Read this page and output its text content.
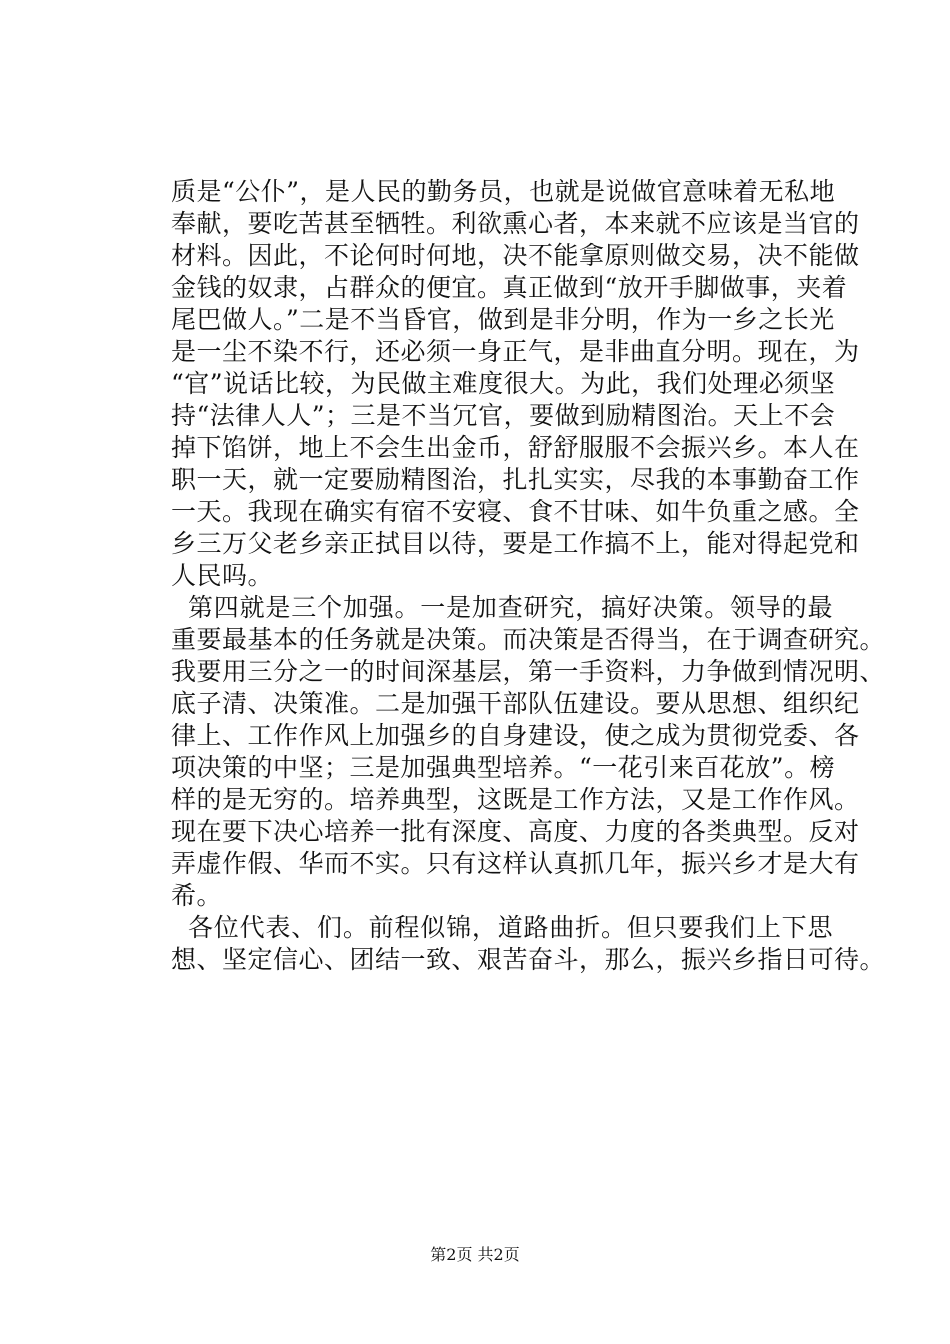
质是“公仆”，是人民的勤务员，也就是说做官意味着无私地
奉献，要吃苦甚至牺牲。利欲熏心者，本来就不应该是当官的
材料。因此，不论何时何地，决不能拿原则做交易，决不能做
金钱的奴隶，占群众的便宜。真正做到“放开手脚做事，夹着
尾巴做人。”二是不当昏官，做到是非分明，作为一乡之长光
是一尘不染不行，还必须一身正气，是非曲直分明。现在，为
“官”说话比较，为民做主难度很大。为此，我们处理必须坚
持“法律人人”；三是不当冗官，要做到励精图治。天上不会
掉下馅饼，地上不会生出金币，舒舒服服不会振兴乡。本人在
职一天，就一定要励精图治，扎扎实实，尽我的本事勤奋工作
一天。我现在确实有宿不安寝、食不甘味、如牛负重之感。全
乡三万父老乡亲正拭目以待，要是工作搞不上，能对得起党和
人民吗。
第四就是三个加强。一是加查研究，搞好决策。领导的最
重要最基本的任务就是决策。而决策是否得当，在于调查研究。
我要用三分之一的时间深基层，第一手资料，力争做到情况明、
底子清、决策准。二是加强干部队伍建设。要从思想、组织纪
律上、工作作风上加强乡的自身建设，使之成为贯彻党委、各
项决策的中坚；三是加强典型培养。“一花引来百花放”。榜
样的是无穷的。培养典型，这既是工作方法，又是工作作风。
现在要下决心培养一批有深度、高度、力度的各类典型。反对
弄虚作假、华而不实。只有这样认真抓几年，振兴乡才是大有
希。
各位代表、们。前程似锦，道路曲折。但只要我们上下思
想、坚定信心、团结一致、艰苦奋斗，那么，振兴乡指日可待。
第2页 共2页
